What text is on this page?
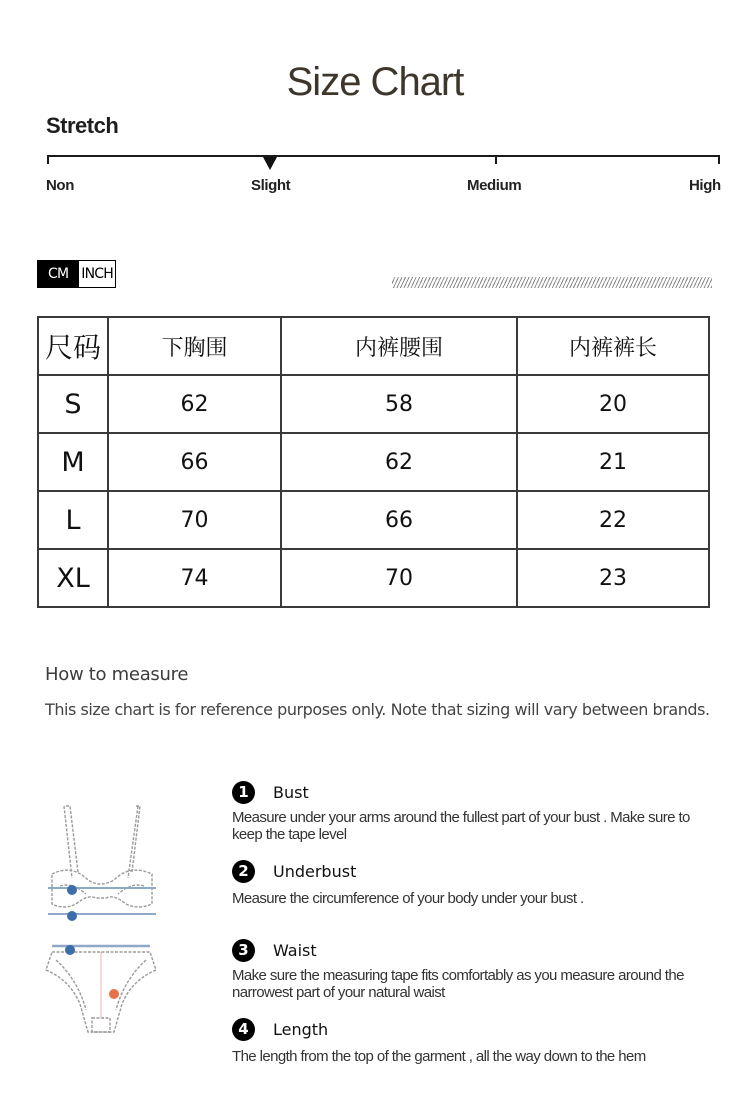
Size Chart
Stretch
Non	Slight	Medium	High
CM INCH
尺码	下胸围	内裤腰围	内裤裤长
S	62	58	20
M	66	62	21
L	70	66	22
XL	74	70	23
How to measure
This size chart is for reference purposes only. Note that sizing will vary between brands.
1	Bust
Measure under your arms around the fullest part of your bust . Make sure to keep the tape level
2	Underbust
Measure the circumference of your body under your bust .
3	Waist
Make sure the measuring tape fits comfortably as you measure around the narrowest part of your natural waist
4	Length
The length from the top of the garment , all the way down to the hem
